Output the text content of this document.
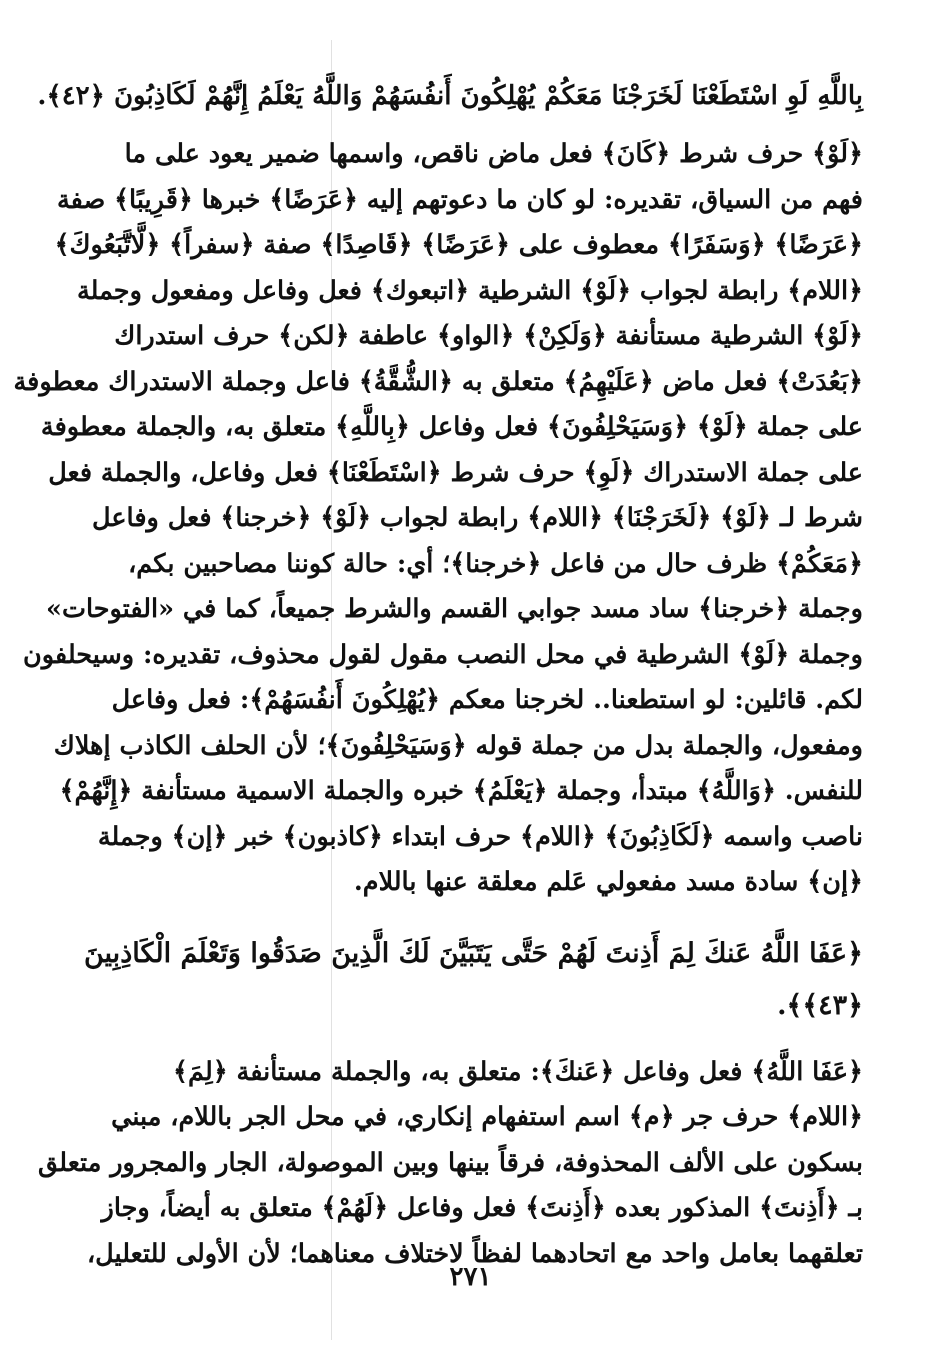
بِاللَّهِ لَوِ اسْتَطَعْنَا لَخَرَجْنَا مَعَكُمْ يُهْلِكُونَ أَنفُسَهُمْ وَاللَّهُ يَعْلَمُ إِنَّهُمْ لَكَاذِبُونَ ﴿٤٢﴾.

﴿لَوْ﴾ حرف شرط ﴿كَانَ﴾ فعل ماض ناقص، واسمها ضمير يعود على ما
فهم من السياق، تقديره: لو كان ما دعوتهم إليه ﴿عَرَضًا﴾ خبرها ﴿قَرِيبًا﴾ صفة
﴿عَرَضًا﴾ ﴿وَسَفَرًا﴾ معطوف على ﴿عَرَضًا﴾ ﴿قَاصِدًا﴾ صفة ﴿سفراً﴾ ﴿لَّاتَّبَعُوكَ﴾
﴿اللام﴾ رابطة لجواب ﴿لَوْ﴾ الشرطية ﴿اتبعوك﴾ فعل وفاعل ومفعول وجملة
﴿لَوْ﴾ الشرطية مستأنفة ﴿وَلَكِنْ﴾ ﴿الواو﴾ عاطفة ﴿لكن﴾ حرف استدراك
﴿بَعُدَتْ﴾ فعل ماض ﴿عَلَيْهِمُ﴾ متعلق به ﴿الشُّقَّةُ﴾ فاعل وجملة الاستدراك معطوفة
على جملة ﴿لَوْ﴾ ﴿وَسَيَحْلِفُونَ﴾ فعل وفاعل ﴿بِاللَّهِ﴾ متعلق به، والجملة معطوفة
على جملة الاستدراك ﴿لَوِ﴾ حرف شرط ﴿اسْتَطَعْنَا﴾ فعل وفاعل، والجملة فعل
شرط لـ ﴿لَوْ﴾ ﴿لَخَرَجْنَا﴾ ﴿اللام﴾ رابطة لجواب ﴿لَوْ﴾ ﴿خرجنا﴾ فعل وفاعل
﴿مَعَكُمْ﴾ ظرف حال من فاعل ﴿خرجنا﴾؛ أي: حالة كوننا مصاحبين بكم،
وجملة ﴿خرجنا﴾ ساد مسد جوابي القسم والشرط جميعاً، كما في «الفتوحات»
وجملة ﴿لَوْ﴾ الشرطية في محل النصب مقول لقول محذوف، تقديره: وسيحلفون
لكم. قائلين: لو استطعنا.. لخرجنا معكم ﴿يُهْلِكُونَ أَنفُسَهُمْ﴾: فعل وفاعل
ومفعول، والجملة بدل من جملة قوله ﴿وَسَيَحْلِفُونَ﴾؛ لأن الحلف الكاذب إهلاك
للنفس. ﴿وَاللَّهُ﴾ مبتدأ، وجملة ﴿يَعْلَمُ﴾ خبره والجملة الاسمية مستأنفة ﴿إِنَّهُمْ﴾
ناصب واسمه ﴿لَكَاذِبُونَ﴾ ﴿اللام﴾ حرف ابتداء ﴿كاذبون﴾ خبر ﴿إن﴾ وجملة
﴿إن﴾ سادة مسد مفعولي عَلم معلقة عنها باللام.
﴿عَفَا اللَّهُ عَنكَ لِمَ أَذِنتَ لَهُمْ حَتَّى يَتَبَيَّنَ لَكَ الَّذِينَ صَدَقُوا وَتَعْلَمَ الْكَاذِبِينَ
﴿٤٣﴾﴾.
﴿عَفَا اللَّهُ﴾ فعل وفاعل ﴿عَنكَ﴾: متعلق به، والجملة مستأنفة ﴿لِمَ﴾
﴿اللام﴾ حرف جر ﴿م﴾ اسم استفهام إنكاري، في محل الجر باللام، مبني
بسكون على الألف المحذوفة، فرقاً بينها وبين الموصولة، الجار والمجرور متعلق
بـ ﴿أَذِنتَ﴾ المذكور بعده ﴿أَذِنتَ﴾ فعل وفاعل ﴿لَهُمْ﴾ متعلق به أيضاً، وجاز
تعلقهما بعامل واحد مع اتحادهما لفظاً لاختلاف معناهما؛ لأن الأولى للتعليل،
٢٧١
